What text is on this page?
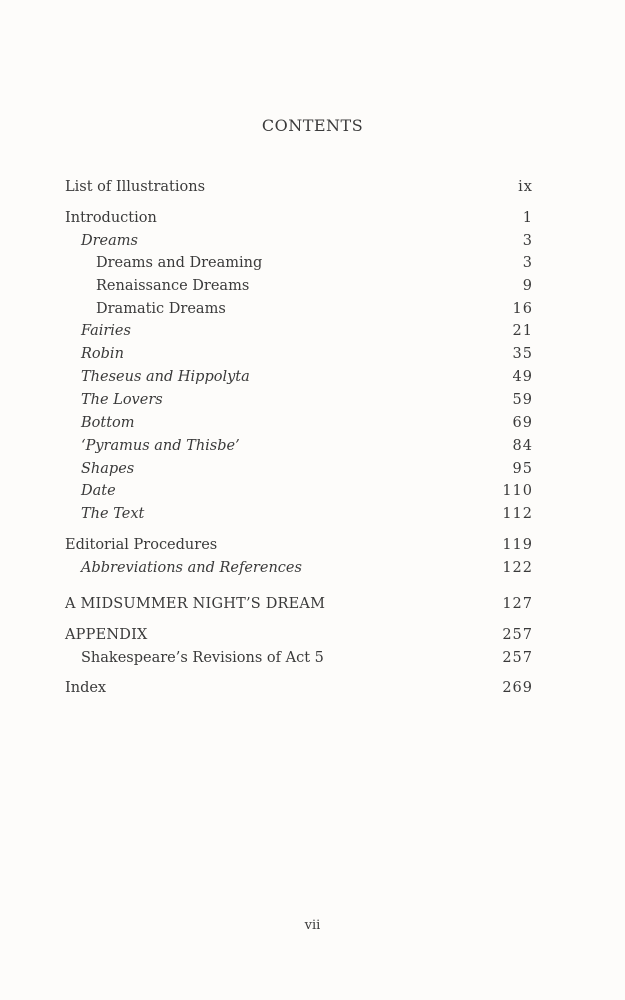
CONTENTS
List of Illustrations	ix
Introduction	1
Dreams	3
Dreams and Dreaming	3
Renaissance Dreams	9
Dramatic Dreams	16
Fairies	21
Robin	35
Theseus and Hippolyta	49
The Lovers	59
Bottom	69
‘Pyramus and Thisbe’	84
Shapes	95
Date	110
The Text	112
Editorial Procedures	119
Abbreviations and References	122
A MIDSUMMER NIGHT’S DREAM	127
APPENDIX	257
Shakespeare’s Revisions of Act 5	257
Index	269
vii
